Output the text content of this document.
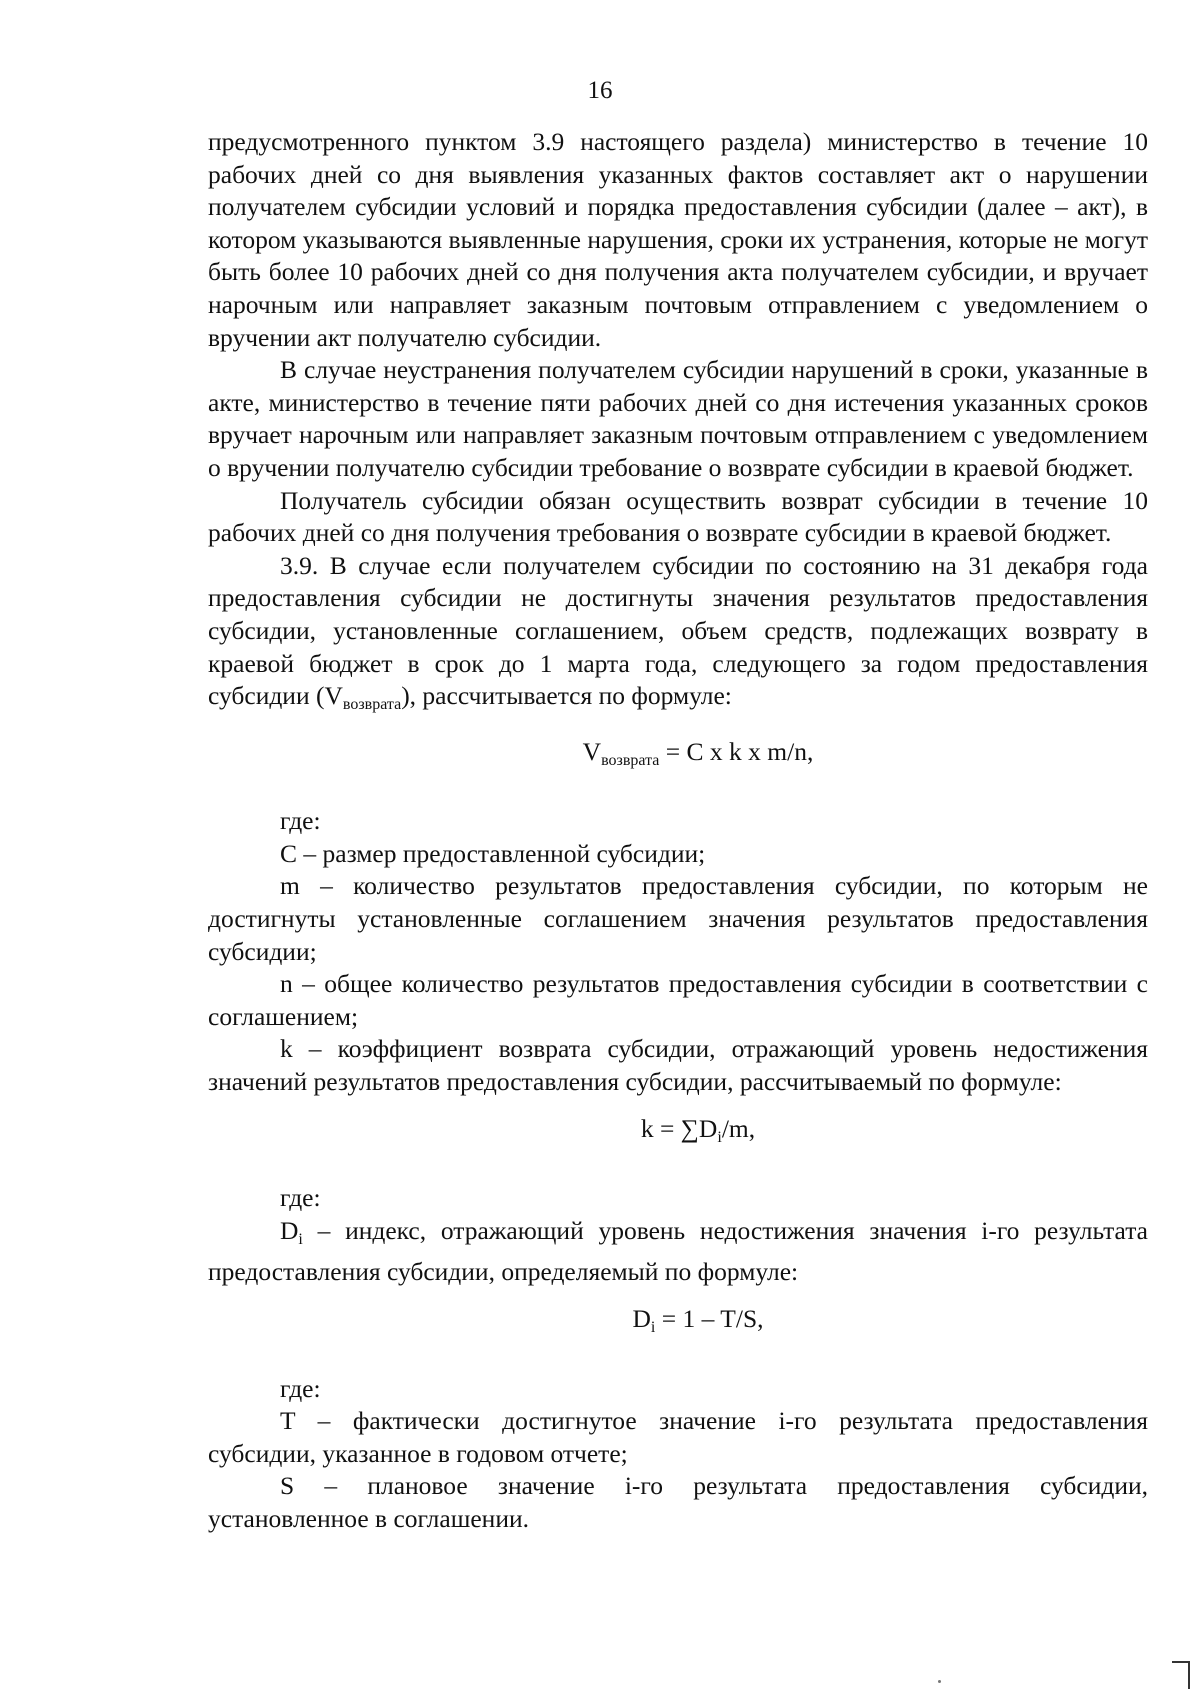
16

предусмотренного пунктом 3.9 настоящего раздела) министерство в течение 10 рабочих дней со дня выявления указанных фактов составляет акт о нарушении получателем субсидии условий и порядка предоставления субсидии (далее – акт), в котором указываются выявленные нарушения, сроки их устранения, которые не могут быть более 10 рабочих дней со дня получения акта получателем субсидии, и вручает нарочным или направляет заказным почтовым отправлением с уведомлением о вручении акт получателю субсидии.

В случае неустранения получателем субсидии нарушений в сроки, указанные в акте, министерство в течение пяти рабочих дней со дня истечения указанных сроков вручает нарочным или направляет заказным почтовым отправлением с уведомлением о вручении получателю субсидии требование о возврате субсидии в краевой бюджет.

Получатель субсидии обязан осуществить возврат субсидии в течение 10 рабочих дней со дня получения требования о возврате субсидии в краевой бюджет.

3.9. В случае если получателем субсидии по состоянию на 31 декабря года предоставления субсидии не достигнуты значения результатов предоставления субсидии, установленные соглашением, объем средств, подлежащих возврату в краевой бюджет в срок до 1 марта года, следующего за годом предоставления субсидии (Vвозврата), рассчитывается по формуле:

$V_{возврата} = C$ x k x m/n,

где:

C – размер предоставленной субсидии;

m – количество результатов предоставления субсидии, по которым не достигнуты установленные соглашением значения результатов предоставления субсидии;

n – общее количество результатов предоставления субсидии в соответствии с соглашением;

k – коэффициент возврата субсидии, отражающий уровень недостижения значений результатов предоставления субсидии, рассчитываемый по формуле:

$k = \sum D_i/m$,

где:

Di – индекс, отражающий уровень недостижения значения i-го результата предоставления субсидии, определяемый по формуле:

$D_i = 1 - T/S$,

где:

T – фактически достигнутое значение i-го результата предоставления субсидии, указанное в годовом отчете;

S – плановое значение i-го результата предоставления субсидии, установленное в соглашении.
